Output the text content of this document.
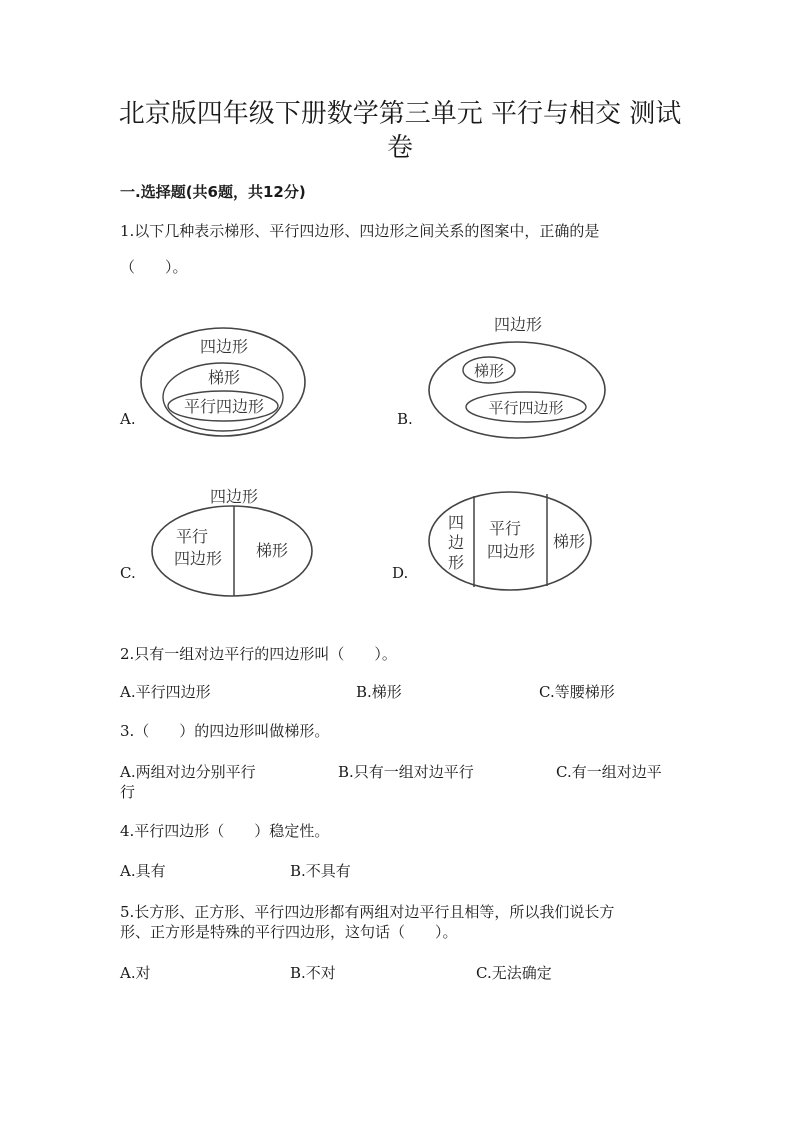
北京版四年级下册数学第三单元 平行与相交 测试
卷
一.选择题(共6题，共12分)
1.以下几种表示梯形、平行四边形、四边形之间关系的图案中，正确的是
（　　）。
A.
四边形
梯形
平行四边形
B.
四边形
梯形
平行四边形
C.
四边形
平行
四边形 梯形
D.
四
边
形
平行
四边形
梯形
2.只有一组对边平行的四边形叫（　　）。
A.平行四边形	B.梯形	C.等腰梯形
3.（　　）的四边形叫做梯形。
A.两组对边分别平行	B.只有一组对边平行	C.有一组对边平
行
4.平行四边形（　　）稳定性。
A.具有	B.不具有
5.长方形、正方形、平行四边形都有两组对边平行且相等，所以我们说长方
形、正方形是特殊的平行四边形，这句话（　　）。
A.对	B.不对	C.无法确定
